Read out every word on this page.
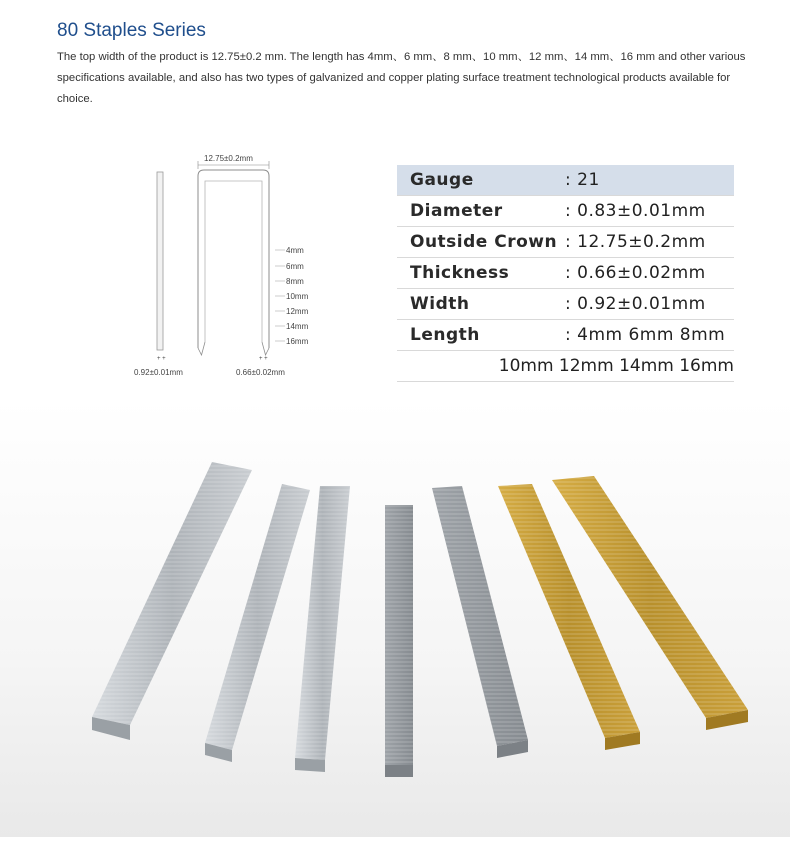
80 Staples Series
The top width of the product is 12.75±0.2 mm. The length has 4mm、6 mm、8 mm、10 mm、12 mm、14 mm、16 mm and other various specifications available, and also has two types of galvanized and copper plating surface treatment technological products available for choice.
12.75±0.2mm
4mm
6mm
8mm
10mm
12mm
14mm
16mm
+ +	+ +
0.92±0.01mm	0.66±0.02mm
Gauge	: 21
Diameter	: 0.83±0.01mm
Outside Crown : 12.75±0.2mm
Thickness	: 0.66±0.02mm
Width	: 0.92±0.01mm
Length	: 4mm 6mm 8mm
10mm 12mm 14mm 16mm
